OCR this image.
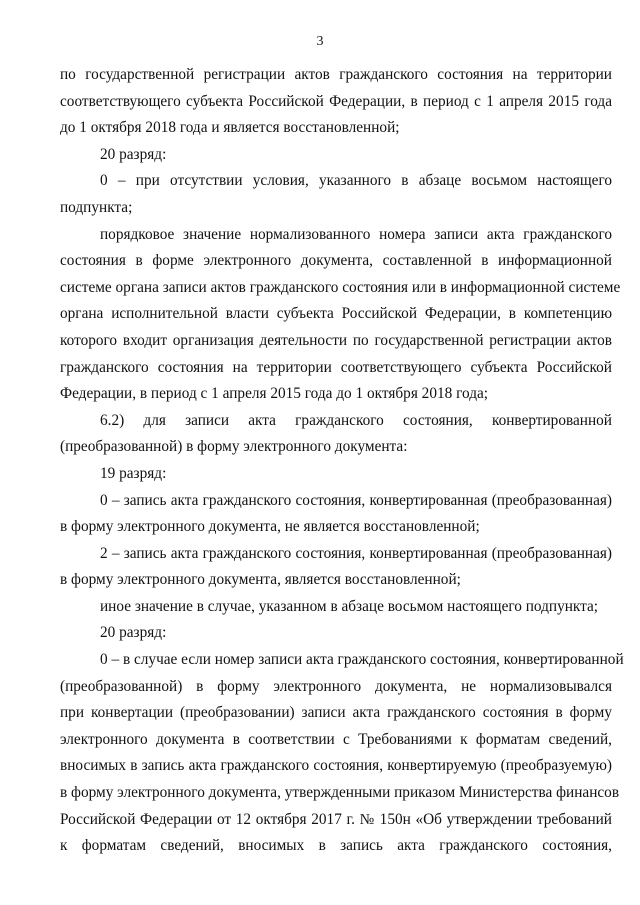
3
по государственной регистрации актов гражданского состояния на территории
соответствующего субъекта Российской Федерации, в период с 1 апреля 2015 года
до 1 октября 2018 года и является восстановленной;
20 разряд:
0 – при отсутствии условия, указанного в абзаце восьмом настоящего
подпункта;
порядковое значение нормализованного номера записи акта гражданского
состояния в форме электронного документа, составленной в информационной
системе органа записи актов гражданского состояния или в информационной системе
органа исполнительной власти субъекта Российской Федерации, в компетенцию
которого входит организация деятельности по государственной регистрации актов
гражданского состояния на территории соответствующего субъекта Российской
Федерации, в период с 1 апреля 2015 года до 1 октября 2018 года;
6.2) для записи акта гражданского состояния, конвертированной
(преобразованной) в форму электронного документа:
19 разряд:
0 – запись акта гражданского состояния, конвертированная (преобразованная)
в форму электронного документа, не является восстановленной;
2 – запись акта гражданского состояния, конвертированная (преобразованная)
в форму электронного документа, является восстановленной;
иное значение в случае, указанном в абзаце восьмом настоящего подпункта;
20 разряд:
0 – в случае если номер записи акта гражданского состояния, конвертированной
(преобразованной) в форму электронного документа, не нормализовывался
при конвертации (преобразовании) записи акта гражданского состояния в форму
электронного документа в соответствии с Требованиями к форматам сведений,
вносимых в запись акта гражданского состояния, конвертируемую (преобразуемую)
в форму электронного документа, утвержденными приказом Министерства финансов
Российской Федерации от 12 октября 2017 г. № 150н «Об утверждении требований
к форматам сведений, вносимых в запись акта гражданского состояния,
